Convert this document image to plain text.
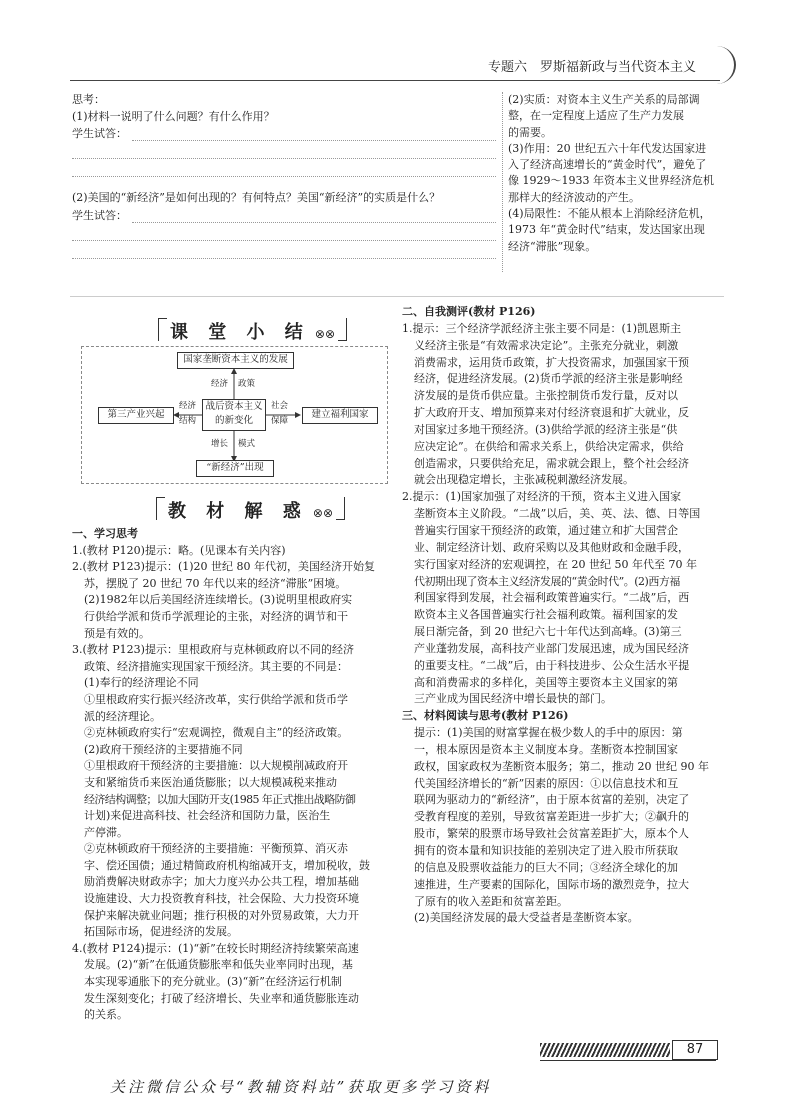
专题六　罗斯福新政与当代资本主义
思考：
(1)材料一说明了什么问题？有什么作用？
学生试答：
(2)美国的“新经济”是如何出现的？有何特点？美国“新经济”的实质是什么？
学生试答：

(2)实质：对资本主义生产关系的局部调

整，在一定程度上适应了生产力发展

的需要。

(3)作用：20 世纪五六十年代发达国家进

入了经济高速增长的“黄金时代”，避免了

像 1929～1933 年资本主义世界经济危机

那样大的经济波动的产生。

(4)局限性：不能从根本上消除经济危机，

1973 年“黄金时代”结束，发达国家出现

经济“滞胀”现象。

课 堂 小 结 ⊗⊗
国家垄断资本主义的发展
战后资本主义的新变化
第三产业兴起	建立福利国家
“新经济”出现
经济 政策
经济
结构
社会
保障
增长 模式
教 材 解 惑 ⊗⊗

一、学习思考

1.(教材 P120)提示：略。(见课本有关内容)

2.(教材 P123)提示：(1)20 世纪 80 年代初，美国经济开始复

苏，摆脱了 20 世纪 70 年代以来的经济“滞胀”困境。

(2)1982年以后美国经济连续增长。(3)说明里根政府实

行供给学派和货币学派理论的主张，对经济的调节和干

预是有效的。

3.(教材 P123)提示：里根政府与克林顿政府以不同的经济

政策、经济措施实现国家干预经济。其主要的不同是：

(1)奉行的经济理论不同

①里根政府实行振兴经济改革，实行供给学派和货币学

派的经济理论。

②克林顿政府实行“宏观调控，微观自主”的经济政策。

(2)政府干预经济的主要措施不同

①里根政府干预经济的主要措施：以大规模削减政府开

支和紧缩货币来医治通货膨胀；以大规模减税来推动

经济结构调整；以加大国防开支(1985 年正式推出战略防御

计划)来促进高科技、社会经济和国防力量，医治生

产停滞。

②克林顿政府干预经济的主要措施：平衡预算、消灭赤

字、偿还国债；通过精简政府机构缩减开支，增加税收，鼓

励消费解决财政赤字；加大力度兴办公共工程，增加基础

设施建设、大力投资教育科技，社会保险、大力投资环境

保护来解决就业问题；推行积极的对外贸易政策，大力开

拓国际市场，促进经济的发展。

4.(教材 P124)提示：(1)“新”在较长时期经济持续繁荣高速

发展。(2)“新”在低通货膨胀率和低失业率同时出现，基

本实现零通胀下的充分就业。(3)“新”在经济运行机制

发生深刻变化；打破了经济增长、失业率和通货膨胀连动

的关系。

二、自我测评(教材 P126)

1.提示：三个经济学派经济主张主要不同是：(1)凯恩斯主

义经济主张是“有效需求决定论”。主张充分就业，刺激

消费需求，运用货币政策，扩大投资需求，加强国家干预

经济，促进经济发展。(2)货币学派的经济主张是影响经

济发展的是货币供应量。主张控制货币发行量，反对以

扩大政府开支、增加预算来对付经济衰退和扩大就业，反

对国家过多地干预经济。(3)供给学派的经济主张是“供

应决定论”。在供给和需求关系上，供给决定需求，供给

创造需求，只要供给充足，需求就会跟上，整个社会经济

就会出现稳定增长，主张减税刺激经济发展。

2.提示：(1)国家加强了对经济的干预，资本主义进入国家

垄断资本主义阶段。“二战”以后，美、英、法、德、日等国

普遍实行国家干预经济的政策，通过建立和扩大国营企

业、制定经济计划、政府采购以及其他财政和金融手段，

实行国家对经济的宏观调控，在 20 世纪 50 年代至 70 年

代初期出现了资本主义经济发展的“黄金时代”。(2)西方福

利国家得到发展，社会福利政策普遍实行。“二战”后，西

欧资本主义各国普遍实行社会福利政策。福利国家的发

展日渐完备，到 20 世纪六七十年代达到高峰。(3)第三

产业蓬勃发展，高科技产业部门发展迅速，成为国民经济

的重要支柱。“二战”后，由于科技进步、公众生活水平提

高和消费需求的多样化，美国等主要资本主义国家的第

三产业成为国民经济中增长最快的部门。

三、材料阅读与思考(教材 P126)

提示：(1)美国的财富掌握在极少数人的手中的原因：第

一，根本原因是资本主义制度本身。垄断资本控制国家

政权，国家政权为垄断资本服务；第二，推动 20 世纪 90 年

代美国经济增长的“新”因素的原因：①以信息技术和互

联网为驱动力的“新经济”，由于原本贫富的差别，决定了

受教育程度的差别，导致贫富差距进一步扩大；②飙升的

股市，繁荣的股票市场导致社会贫富差距扩大，原本个人

拥有的资本量和知识技能的差别决定了进入股市所获取

的信息及股票收益能力的巨大不同；③经济全球化的加

速推进，生产要素的国际化，国际市场的激烈竞争，拉大

了原有的收入差距和贫富差距。

(2)美国经济发展的最大受益者是垄断资本家。

87
关注微信公众号“教辅资料站”获取更多学习资料
